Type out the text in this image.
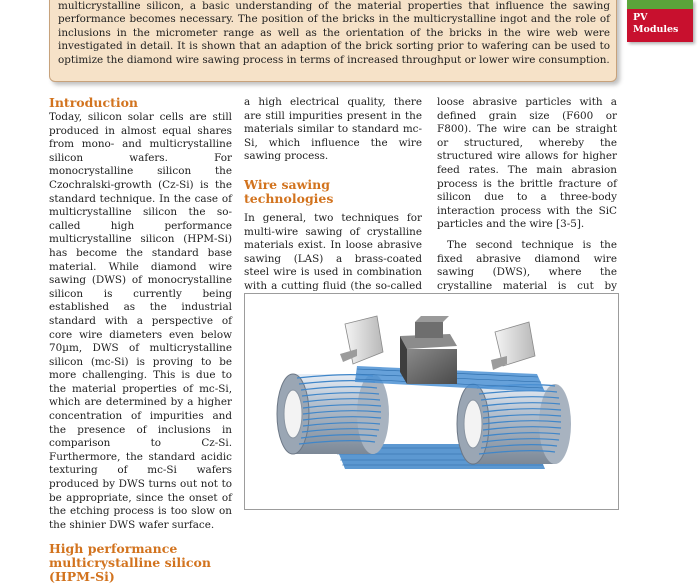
multicrystalline silicon, a basic understanding of the material properties that influence the sawing performance becomes necessary. The position of the bricks in the multicrystalline ingot and the role of inclusions in the micrometer range as well as the orientation of the bricks in the wire web were investigated in detail. It is shown that an adaption of the brick sorting prior to wafering can be used to optimize the diamond wire sawing process in terms of increased throughput or lower wire consumption.

PV
Modules
Introduction

Today, silicon solar cells are still produced in almost equal shares from mono- and multicrystalline silicon wafers. For monocrystalline silicon the Czochralski-growth (Cz-Si) is the standard technique. In the case of multicrystalline silicon the so-called high performance multicrystalline silicon (HPM-Si) has become the standard base material. While diamond wire sawing (DWS) of monocrystalline silicon is currently being established as the industrial standard with a perspective of core wire diameters even below 70µm, DWS of multicrystalline silicon (mc-Si) is proving to be more challenging. This is due to the material properties of mc-Si, which are determined by a higher concentration of impurities and the presence of inclusions in comparison to Cz-Si. Furthermore, the standard acidic texturing of mc-Si wafers produced by DWS turns out not to be appropriate, since the onset of the etching process is too slow on the shinier DWS wafer surface.

High performance multicrystalline silicon (HPM-Si)

a high electrical quality, there are still impurities present in the materials similar to standard mc-Si, which influence the wire sawing process.

Wire sawing technologies

In general, two techniques for multi-wire sawing of crystalline materials exist. In loose abrasive sawing (LAS) a brass-coated steel wire is used in combination with a cutting fluid (the so-called

loose abrasive particles with a defined grain size (F600 or F800). The wire can be straight or structured, whereby the structured wire allows for higher feed rates. The main abrasion process is the brittle fracture of silicon due to a three-body interaction process with the SiC particles and the wire [3-5].

The second technique is the fixed abrasive diamond wire sawing (DWS), where the crystalline material is cut by
